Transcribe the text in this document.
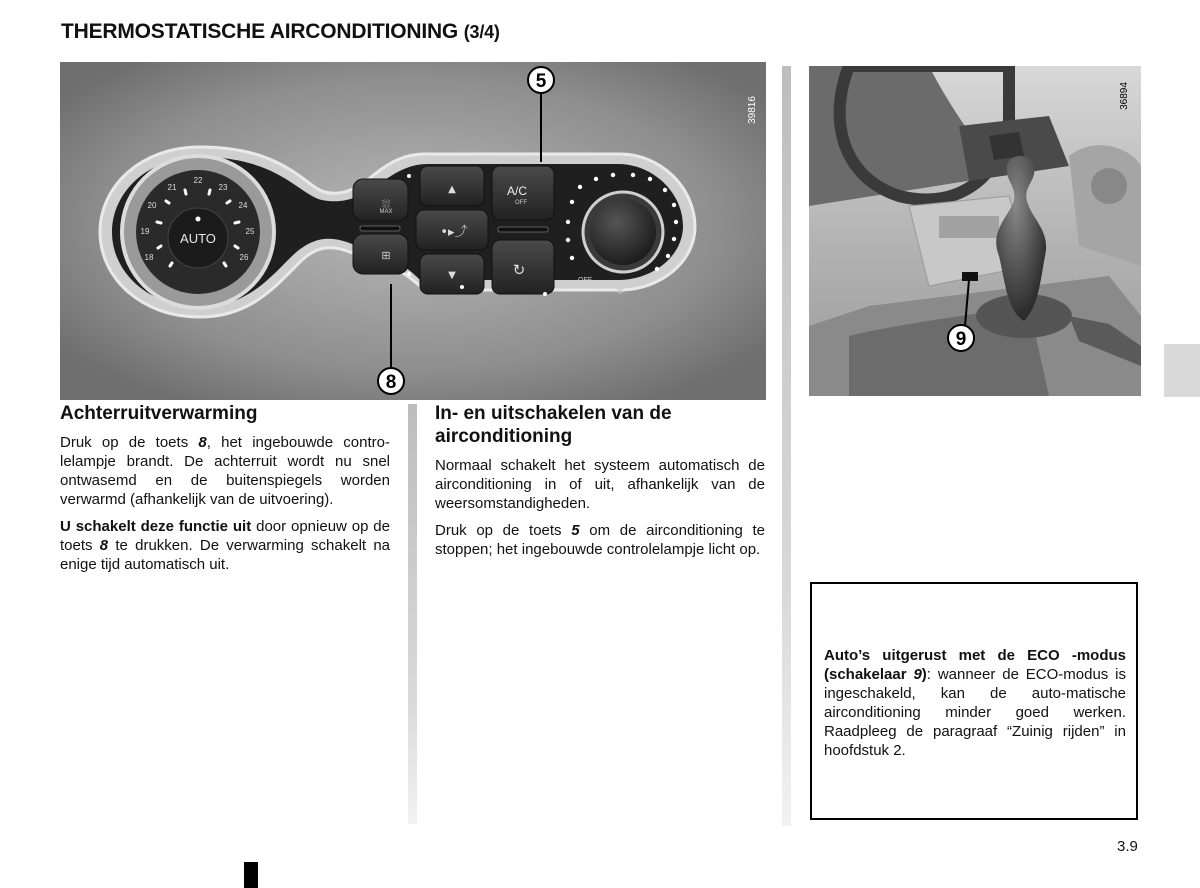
THERMOSTATISCHE AIRCONDITIONING (3/4)
AUTO
18
19
20
21
22
23
24
25
26
⛆
MAX
⊞
▲
•▸⤴
▼
A/C
OFF
↻
OFF
✻
5
8
39816
9
36894
Achterruitverwarming

Druk op de toets 8, het ingebouwde contro-lelampje brandt. De achterruit wordt nu snel ontwasemd en de buitenspiegels worden verwarmd (afhankelijk van de uitvoering).

U schakelt deze functie uit door opnieuw op de toets 8 te drukken. De verwarming schakelt na enige tijd automatisch uit.

In- en uitschakelen van de airconditioning

Normaal schakelt het systeem automatisch de airconditioning in of uit, afhankelijk van de weersomstandigheden.

Druk op de toets 5 om de airconditioning te stoppen; het ingebouwde controlelampje licht op.

Auto’s uitgerust met de ECO -modus (schakelaar 9): wanneer de ECO-modus is ingeschakeld, kan de auto-matische airconditioning minder goed werken. Raadpleeg de paragraaf “Zuinig rijden” in hoofdstuk 2.
3.9
